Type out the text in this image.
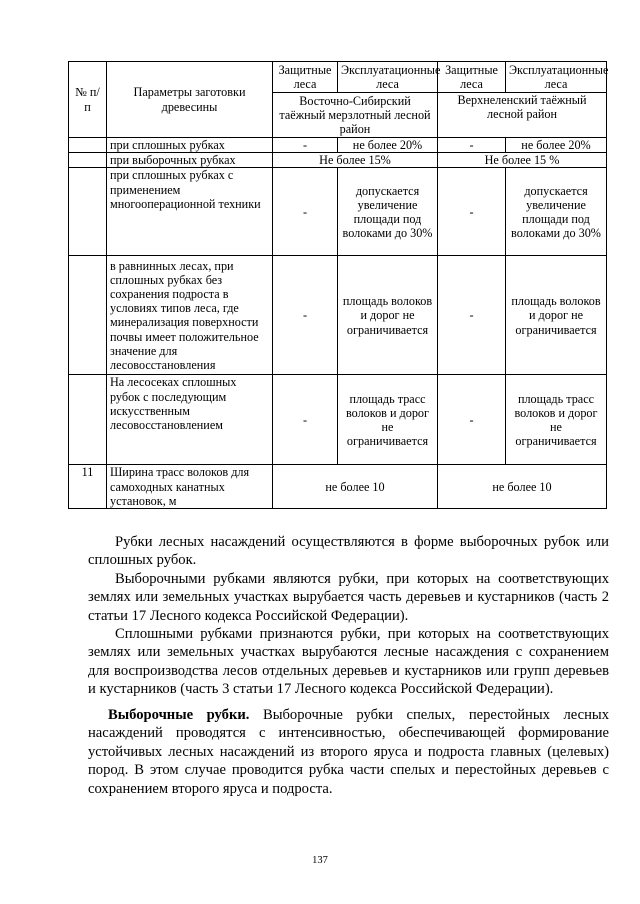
№ п/п	Параметры заготовки древесины	Защитные леса	Эксплуатационные леса	Защитные леса	Эксплуатационные леса
		Восточно-Сибирский таёжный мерзлотный лесной район		Верхнеленский таёжный лесной район	
	при сплошных рубках	-	не более 20%	-	не более 20%
	при выборочных рубках	Не более 15%		Не более 15 %	
	при сплошных рубках с применением многооперационной техники	-	допускается увеличение площади под волоками до 30%	-	допускается увеличение площади под волоками до 30%
	в равнинных лесах, при сплошных рубках без сохранения подроста в условиях типов леса, где минерализация поверхности почвы имеет положительное значение для лесовосстановления	-	площадь волоков и дорог не ограничивается	-	площадь волоков и дорог не ограничивается
	На лесосеках сплошных рубок с последующим искусственным лесовосстановлением	-	площадь трасс волоков и дорог не ограничивается	-	площадь трасс волоков и дорог не ограничивается
11	Ширина трасс волоков для самоходных канатных установок, м	не более 10		не более 10	
Рубки лесных насаждений осуществляются в форме выборочных рубок или сплошных рубок.
Выборочными рубками являются рубки, при которых на соответствующих землях или земельных участках вырубается часть деревьев и кустарников (часть 2 статьи 17 Лесного кодекса Российской Федерации).
Сплошными рубками признаются рубки, при которых на соответствующих землях или земельных участках вырубаются лесные насаждения с сохранением для воспроизводства лесов отдельных деревьев и кустарников или групп деревьев и кустарников (часть 3 статьи 17 Лесного кодекса Российской Федерации).
Выборочные рубки. Выборочные рубки спелых, перестойных лесных насаждений проводятся с интенсивностью, обеспечивающей формирование устойчивых лесных насаждений из второго яруса и подроста главных (целевых) пород. В этом случае проводится рубка части спелых и перестойных деревьев с сохранением второго яруса и подроста.
137
